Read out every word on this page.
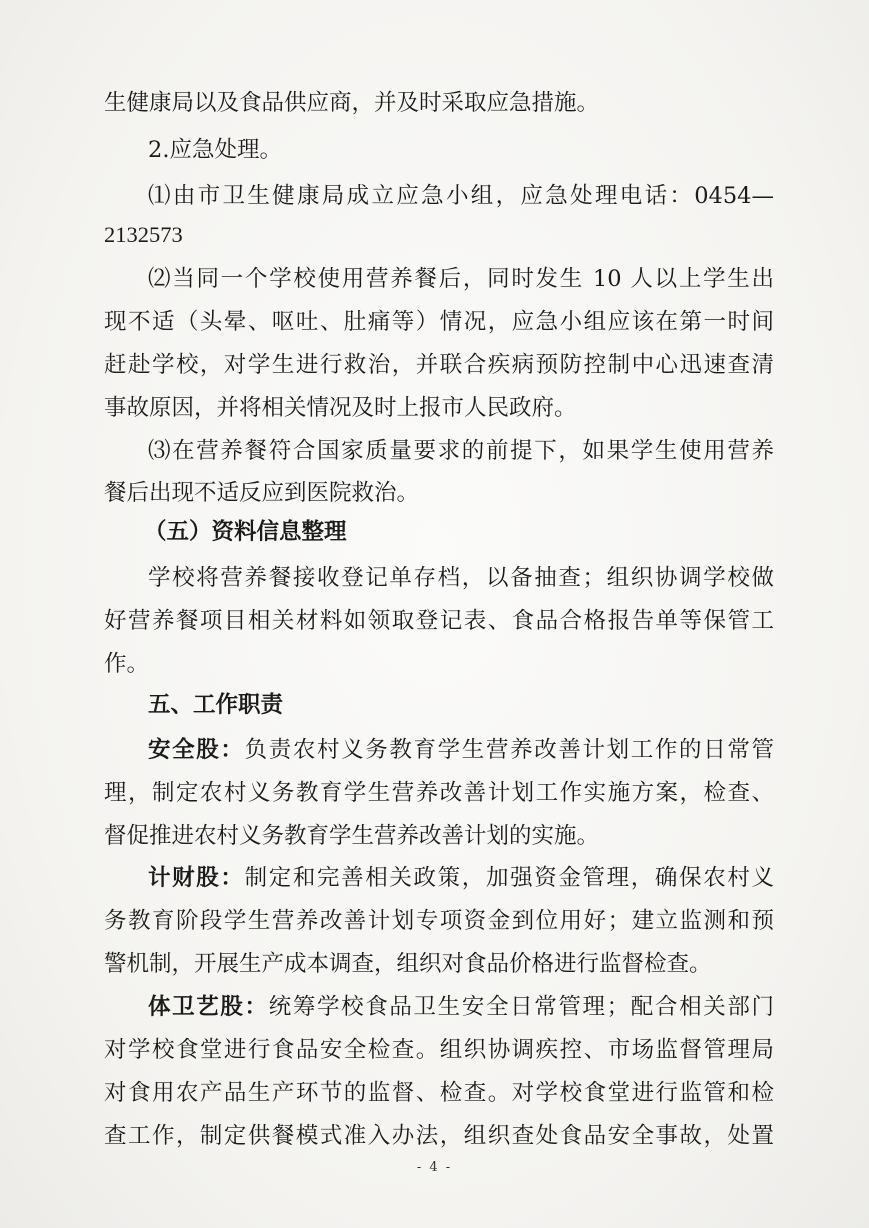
生健康局以及食品供应商，并及时采取应急措施。
2.应急处理。
⑴由市卫生健康局成立应急小组，应急处理电话：0454—
2132573
⑵当同一个学校使用营养餐后，同时发生 10 人以上学生出
现不适（头晕、呕吐、肚痛等）情况，应急小组应该在第一时间
赶赴学校，对学生进行救治，并联合疾病预防控制中心迅速查清
事故原因，并将相关情况及时上报市人民政府。
⑶在营养餐符合国家质量要求的前提下，如果学生使用营养
餐后出现不适反应到医院救治。
（五）资料信息整理
学校将营养餐接收登记单存档，以备抽查；组织协调学校做
好营养餐项目相关材料如领取登记表、食品合格报告单等保管工
作。
五、工作职责
安全股：负责农村义务教育学生营养改善计划工作的日常管
理，制定农村义务教育学生营养改善计划工作实施方案，检查、
督促推进农村义务教育学生营养改善计划的实施。
计财股：制定和完善相关政策，加强资金管理，确保农村义
务教育阶段学生营养改善计划专项资金到位用好；建立监测和预
警机制，开展生产成本调查，组织对食品价格进行监督检查。
体卫艺股：统筹学校食品卫生安全日常管理；配合相关部门
对学校食堂进行食品安全检查。组织协调疾控、市场监督管理局
对食用农产品生产环节的监督、检查。对学校食堂进行监管和检
查工作，制定供餐模式准入办法，组织查处食品安全事故，处置
- 4 -
